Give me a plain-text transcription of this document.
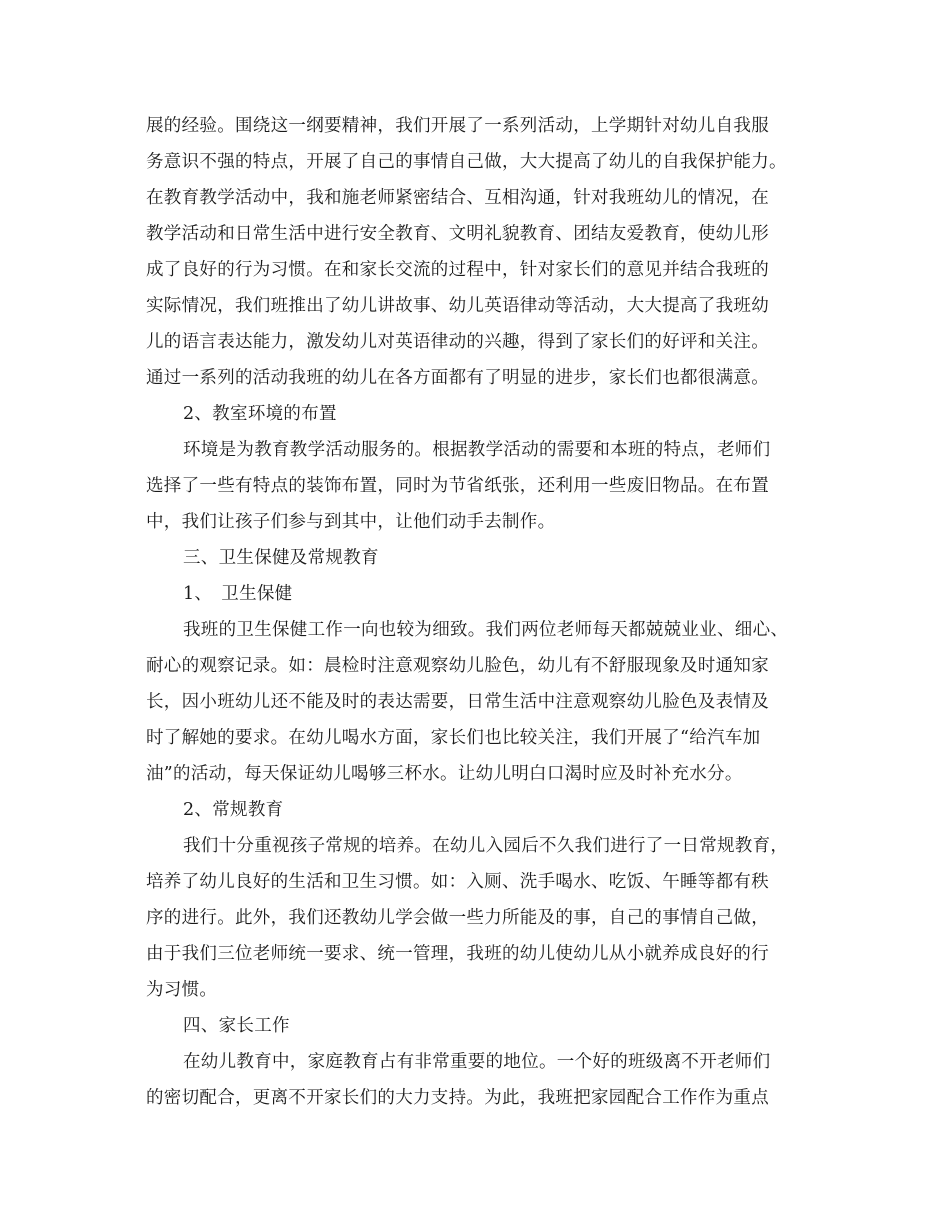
展的经验。围绕这一纲要精神，我们开展了一系列活动，上学期针对幼儿自我服

务意识不强的特点，开展了自己的事情自己做，大大提高了幼儿的自我保护能力。

在教育教学活动中，我和施老师紧密结合、互相沟通，针对我班幼儿的情况，在

教学活动和日常生活中进行安全教育、文明礼貌教育、团结友爱教育，使幼儿形

成了良好的行为习惯。在和家长交流的过程中，针对家长们的意见并结合我班的

实际情况，我们班推出了幼儿讲故事、幼儿英语律动等活动，大大提高了我班幼

儿的语言表达能力，激发幼儿对英语律动的兴趣，得到了家长们的好评和关注。

通过一系列的活动我班的幼儿在各方面都有了明显的进步，家长们也都很满意。

2、教室环境的布置

环境是为教育教学活动服务的。根据教学活动的需要和本班的特点，老师们

选择了一些有特点的装饰布置，同时为节省纸张，还利用一些废旧物品。在布置

中，我们让孩子们参与到其中，让他们动手去制作。

三、卫生保健及常规教育

1、　卫生保健

我班的卫生保健工作一向也较为细致。我们两位老师每天都兢兢业业、细心、

耐心的观察记录。如：晨检时注意观察幼儿脸色，幼儿有不舒服现象及时通知家

长，因小班幼儿还不能及时的表达需要，日常生活中注意观察幼儿脸色及表情及

时了解她的要求。在幼儿喝水方面，家长们也比较关注，我们开展了“给汽车加

油”的活动，每天保证幼儿喝够三杯水。让幼儿明白口渴时应及时补充水分。

2、常规教育

我们十分重视孩子常规的培养。在幼儿入园后不久我们进行了一日常规教育，

培养了幼儿良好的生活和卫生习惯。如：入厕、洗手喝水、吃饭、午睡等都有秩

序的进行。此外，我们还教幼儿学会做一些力所能及的事，自己的事情自己做，

由于我们三位老师统一要求、统一管理，我班的幼儿使幼儿从小就养成良好的行

为习惯。

四、家长工作

在幼儿教育中，家庭教育占有非常重要的地位。一个好的班级离不开老师们

的密切配合，更离不开家长们的大力支持。为此，我班把家园配合工作作为重点
